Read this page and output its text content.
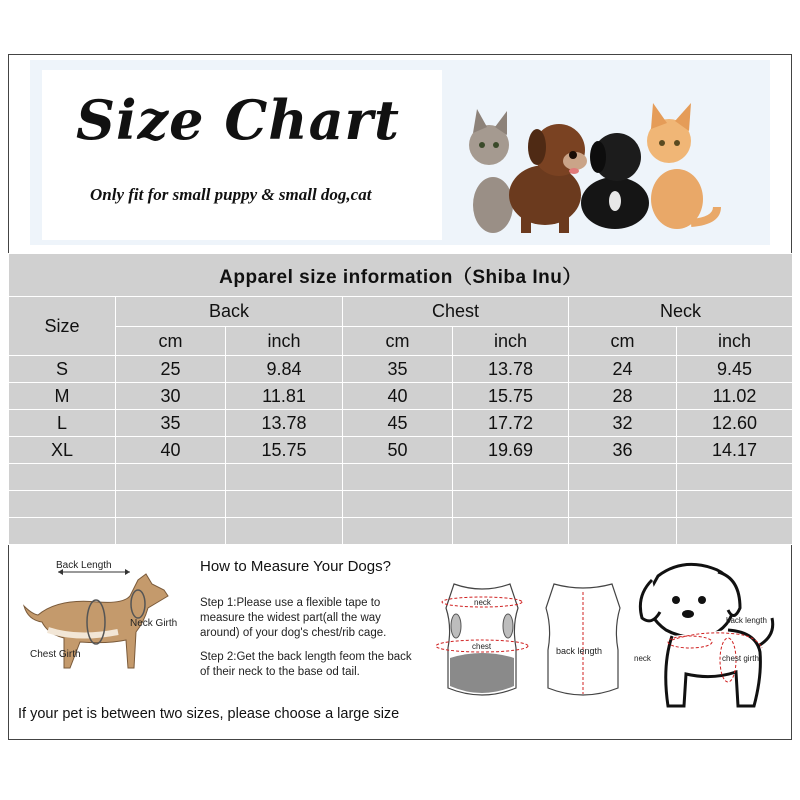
Size Chart
Only fit for small puppy & small dog,cat
Apparel size information（Shiba Inu）						
Size	Back		Chest		Neck	
	cm	inch	cm	inch	cm	inch
S	25	9.84	35	13.78	24	9.45
M	30	11.81	40	15.75	28	11.02
L	35	13.78	45	17.72	32	12.60
XL	40	15.75	50	19.69	36	14.17

Back Length
Neck Girth
Chest Girth
How to Measure Your Dogs?
Step 1:Please use a flexible tape to measure the widest part(all the way around) of your dog's chest/rib cage.
Step 2:Get the back length feom the back of their neck to the base od tail.
neck
chest	back length
back length
neck	chest girth
If your pet is between two sizes, please choose a large size
